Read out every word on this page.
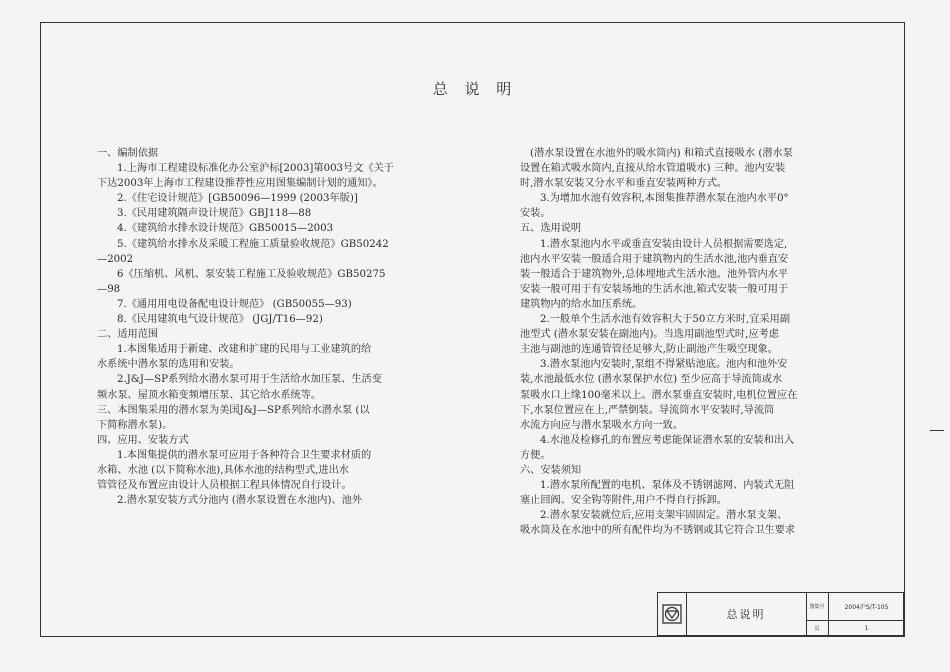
总 说 明

一、编制依据

1.上海市工程建设标准化办公室沪标[2003]第003号文《关于

下达2003年上海市工程建设推荐性应用图集编制计划的通知》。

2.《住宅设计规范》[GB50096—1999 (2003年版)]

3.《民用建筑隔声设计规范》GBJ118—88

4.《建筑给水排水设计规范》GB50015—2003

5.《建筑给水排水及采暖工程施工质量验收规范》GB50242

—2002

6《压缩机、风机、泵安装工程施工及验收规范》GB50275

—98

7.《通用用电设备配电设计规范》 (GB50055—93)

8.《民用建筑电气设计规范》 (JGJ/T16—92)

二、适用范围

1.本图集适用于新建、改建和扩建的民用与工业建筑的给

水系统中潜水泵的选用和安装。

2.J&J—SP系列给水潜水泵可用于生活给水加压泵、生活变

频水泵、屋顶水箱变频增压泵、其它给水系统等。

三、本图集采用的潜水泵为美国J&J—SP系列给水潜水泵 (以

下简称潜水泵)。

四、应用、安装方式

1.本图集提供的潜水泵可应用于各种符合卫生要求材质的

水箱、水池 (以下简称水池),具体水池的结构型式,进出水

管管径及布置应由设计人员根据工程具体情况自行设计。

2.潜水泵安装方式分池内 (潜水泵设置在水池内)、池外

(潜水泵设置在水池外的吸水筒内) 和箱式直接吸水 (潜水泵

设置在箱式吸水筒内,直接从给水管道吸水) 三种。池内安装

时,潜水泵安装又分水平和垂直安装两种方式。

3.为增加水池有效容积,本图集推荐潜水泵在池内水平0°

安装。

五、选用说明

1.潜水泵池内水平或垂直安装由设计人员根据需要选定,

池内水平安装一般适合用于建筑物内的生活水池,池内垂直安

装一般适合于建筑物外,总体埋地式生活水池。池外管内水平

安装一般可用于有安装场地的生活水池,箱式安装一般可用于

建筑物内的给水加压系统。

2.一般单个生活水池有效容积大于50立方米时,宜采用副

池型式 (潜水泵安装在副池内)。当选用副池型式时,应考虑

主池与副池的连通管管径足够大,防止副池产生吸空现象。

3.潜水泵池内安装时,泵组不得紧贴池底。池内和池外安

装,水池最低水位 (潜水泵保护水位) 至少应高于导流筒或水

泵吸水口上缘100毫米以上。潜水泵垂直安装时,电机位置应在

下,水泵位置应在上,严禁倒装。导流筒水平安装时,导流筒

水流方向应与潜水泵吸水方向一致。

4.水池及检修孔的布置应考虑能保证潜水泵的安装和出入

方便。

六、安装须知

1.潜水泵所配置的电机、泵体及不锈钢滤网、内装式无阻

塞止回阀、安全钩等附件,用户不得自行拆卸。

2.潜水泵安装就位后,应用支架牢固固定。潜水泵支架、

吸水筒及在水池中的所有配件均为不锈钢或其它符合卫生要求

总说明
图集号	2004沪S/T-105
页	1
